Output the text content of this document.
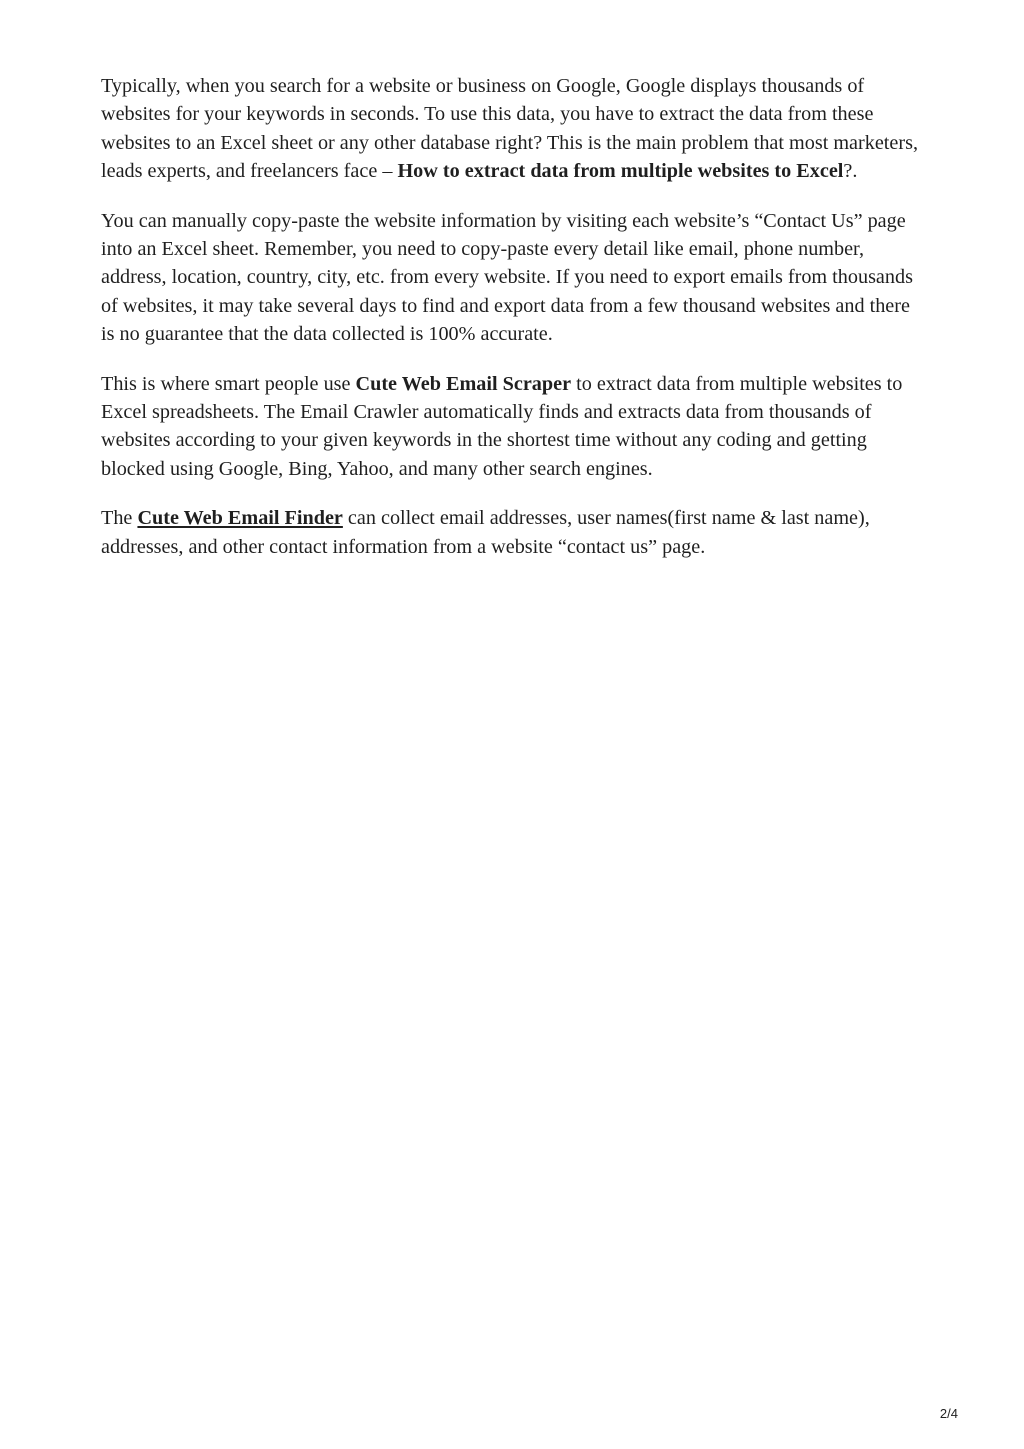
Typically, when you search for a website or business on Google, Google displays thousands of websites for your keywords in seconds. To use this data, you have to extract the data from these websites to an Excel sheet or any other database right? This is the main problem that most marketers, leads experts, and freelancers face – How to extract data from multiple websites to Excel?.

You can manually copy-paste the website information by visiting each website’s “Contact Us” page into an Excel sheet. Remember, you need to copy-paste every detail like email, phone number, address, location, country, city, etc. from every website. If you need to export emails from thousands of websites, it may take several days to find and export data from a few thousand websites and there is no guarantee that the data collected is 100% accurate.

This is where smart people use Cute Web Email Scraper to extract data from multiple websites to Excel spreadsheets. The Email Crawler automatically finds and extracts data from thousands of websites according to your given keywords in the shortest time without any coding and getting blocked using Google, Bing, Yahoo, and many other search engines.

The Cute Web Email Finder can collect email addresses, user names(first name & last name), addresses, and other contact information from a website “contact us” page.

2/4
